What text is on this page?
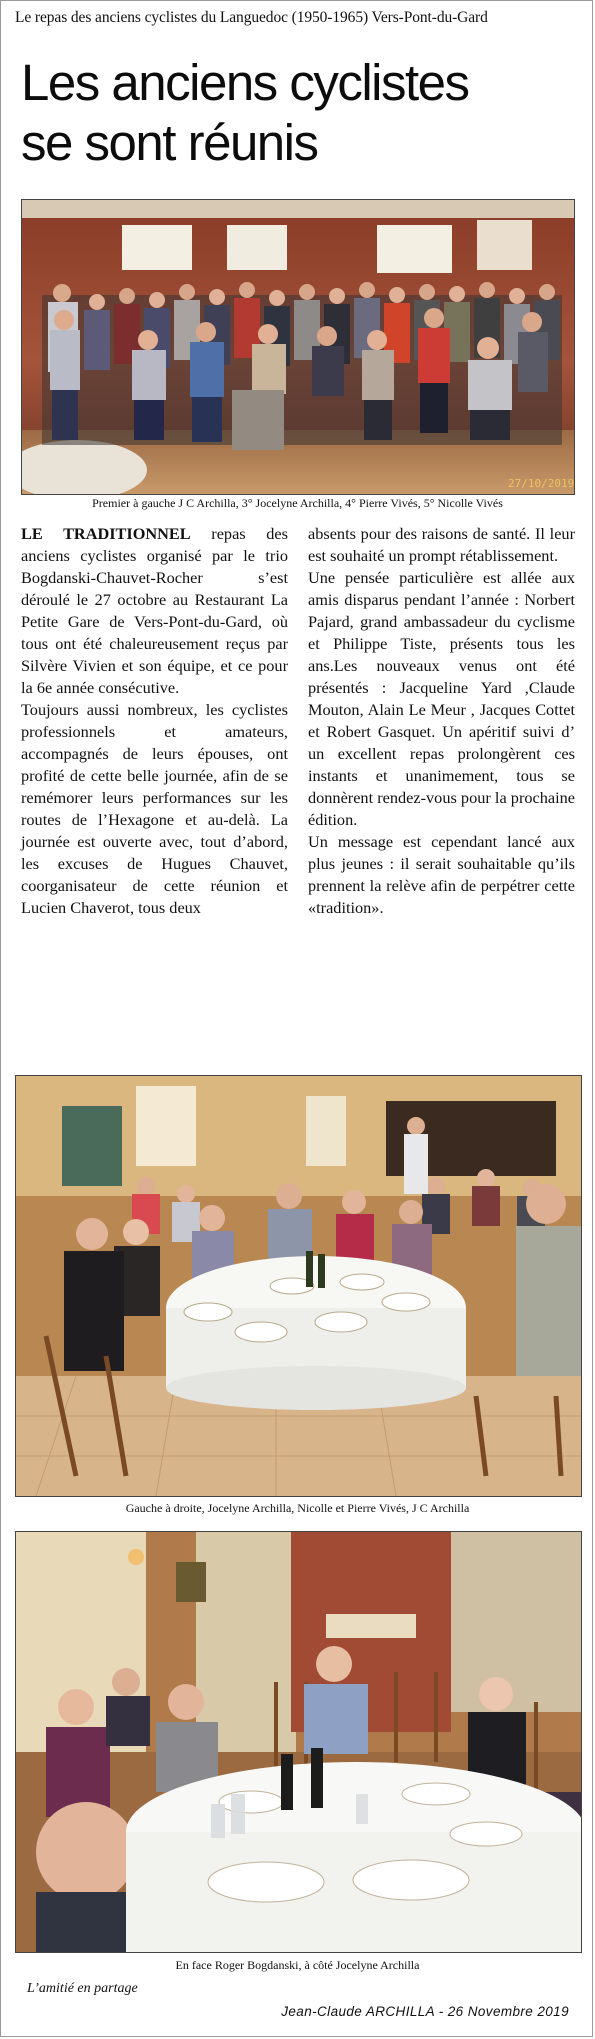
Le repas des anciens cyclistes du Languedoc (1950-1965) Vers-Pont-du-Gard
Les anciens cyclistes
se sont réunis
27/10/2019
Premier à gauche J C Archilla, 3° Jocelyne Archilla, 4° Pierre Vivés, 5° Nicolle Vivés

LE TRADITIONNEL repas des anciens cyclistes organisé par le trio Bogdanski-Chauvet-Rocher s’est déroulé le 27 octobre au Restaurant La Petite Gare de Vers-Pont-du-Gard, où tous ont été chaleureusement reçus par Silvère Vivien et son équipe, et ce pour la 6e année consécutive.

Toujours aussi nombreux, les cyclistes professionnels et amateurs, accompagnés de leurs épouses, ont profité de cette belle journée, afin de se remémorer leurs performances sur les routes de l’Hexagone et au-delà. La journée est ouverte avec, tout d’abord, les excuses de Hugues Chauvet, coorganisateur de cette réunion et Lucien Chaverot, tous deux

absents pour des raisons de santé. Il leur est souhaité un prompt rétablissement.

Une pensée particulière est allée aux amis disparus pendant l’année : Norbert Pajard, grand ambassadeur du cyclisme et Philippe Tiste, présents tous les ans.Les nouveaux venus ont été présentés : Jacqueline Yard ,Claude Mouton, Alain Le Meur , Jacques Cottet et Robert Gasquet. Un apéritif suivi d’ un excellent repas prolongèrent ces instants et unanimement, tous se donnèrent rendez-vous pour la prochaine édition.

Un message est cependant lancé aux plus jeunes : il serait souhaitable qu’ils prennent la relève afin de perpétrer cette «tradition».

Gauche à droite, Jocelyne Archilla, Nicolle et Pierre Vivés, J C Archilla
En face Roger Bogdanski, à côté Jocelyne Archilla
L’amitié en partage
Jean-Claude ARCHILLA - 26 Novembre 2019
